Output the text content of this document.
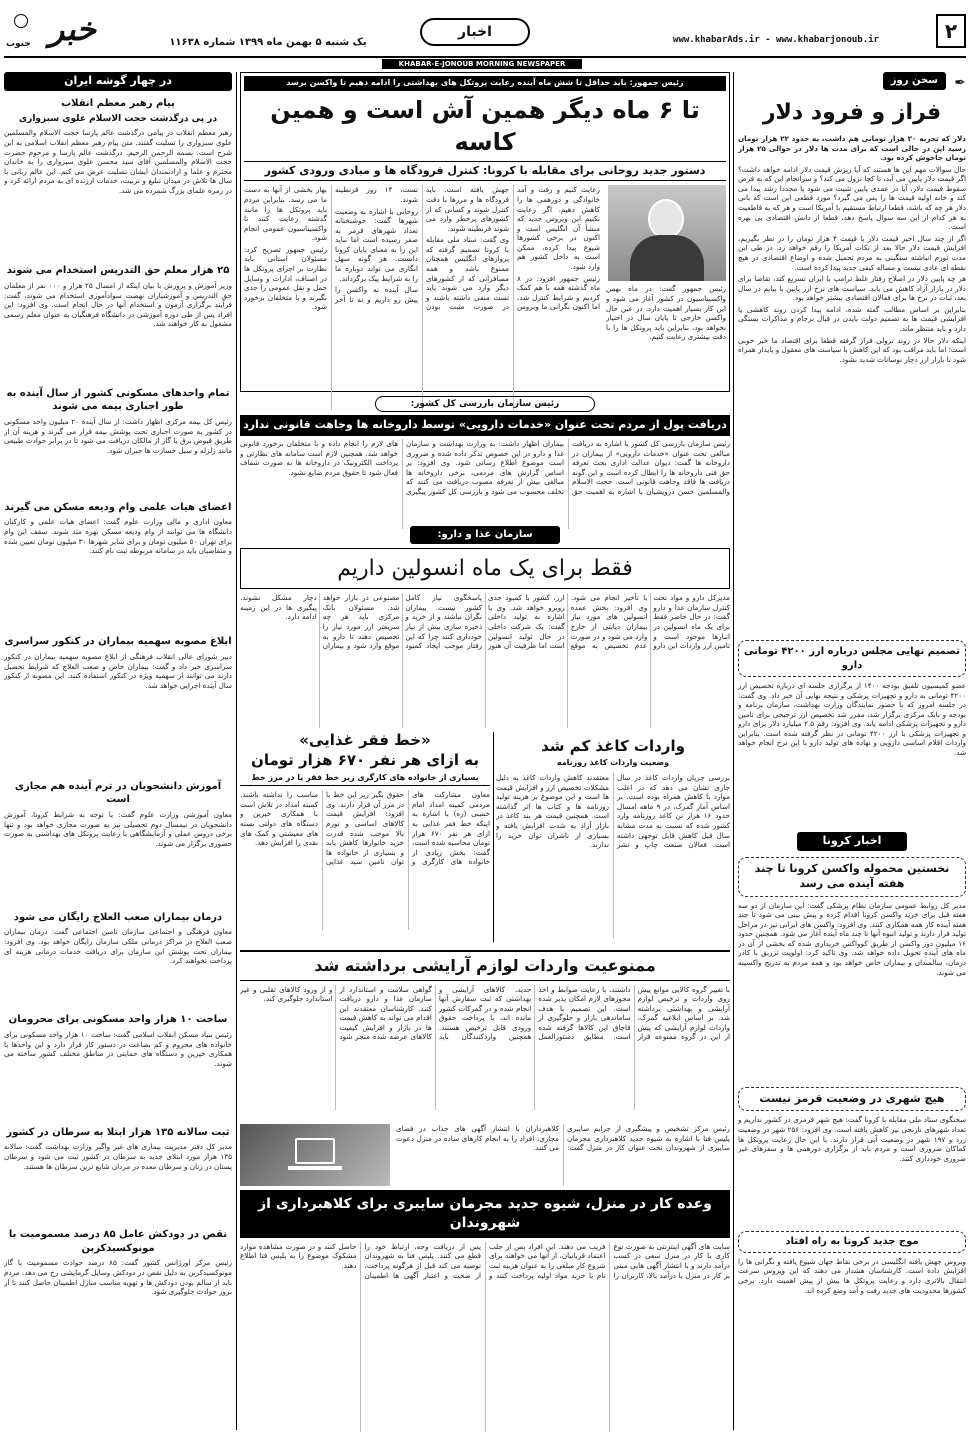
۲
www.khabarAds.ir - www.khabarjonoub.ir
اخبار
یک شنبه ۵ بهمن ماه ۱۳۹۹ شماره ۱۱۶۳۸
خبر
جنوب
KHABAR-E-JONOUB MORNING NEWSPAPER
✒
سخن روز
فراز و فرود دلار

دلار که تجربه ۳۰ هزار تومانی هم داشت، به حدود ۲۲ هزار تومان رسید این در حالی است که برای مدت ها دلار در حوالی ۲۵ هزار تومان جاخوش کرده بود.

حال سوالات مهم این ها هستند که آیا ریزش قیمت دلار ادامه خواهد داشت؟ اگر قیمت دلار پایین می آید، تا کجا نزول می کند؟ و سرانجام این که به فرض سقوط قیمت دلار، آیا در عمدی پایین تثبیت می شود یا مجددا رشد پیدا می کند و خانه اولیه قیمت ها را پس می گیرد؟ مورد قطعی این است که بانی دلار هر چه که باشد، قطعا ارتباط مستقیم با آمریکا است و هر که به قاطعیت به هر کدام از این سه سوال پاسخ دهد، قطعا از دانش اقتصادی بی بهره است.

اگر از چند سال اخیر قیمت دلار با قیمت ۴ هزار تومان را در نظر بگیریم، افزایش قیمت دلار حالا بعد از نکات آمریکا را رقم خواهد زد. در طی این مدت تورم انباشته سنگینی به مردم تحمیل شده و اوضاع اقتصادی در هیچ نقطه ای عادی نیست و مساله کیفی جدید پیدا کرده است.

هر چه پایین دلار در اصلاح رفتار غلط ترامپ با ایران تسریع کند، تقاضا برای دلار در بازار آزاد کاهش می یابد. سیاست های نرخ ارز پایین با بیایم در سال بعد، ثبات در نرخ ها برای فعالان اقتصادی بیشتر خواهد بود.

بنابراین بر اساس مطالب گفته شده، ادامه پیدا کردن روند کاهشی یا افزایشی قیمت ها به تصمیم دولت بایدن در قبال برجام و مذاکرات بستگی دارد و باید منتظر ماند.

اینکه دلار حالا در روند نزولی قرار گرفته قطعا برای اقتصاد ما خبر خوبی است؛ اما باید مراقب بود که این کاهش با سیاست های معقول و پایدار همراه شود تا بازار ارز دچار نوسانات شدید نشود.

تصمیم نهایی مجلس درباره ارز ۴۲۰۰ تومانی دارو
عضو کمیسیون تلفیق بودجه ۱۴۰۰ از برگزاری جلسه ای درباره تخصیص ارز ۴۲۰۰ تومانی به دارو و تجهیزات پزشکی و نتیجه نهایی آن خبر داد. وی گفت: در جلسه امروز که با حضور نمایندگان وزارت بهداشت، سازمان برنامه و بودجه و بانک مرکزی برگزار شد، مقرر شد تخصیص ارز ترجیحی برای تامین دارو و تجهیزات پزشکی ادامه یابد. وی افزود: رقم ۲.۵ میلیارد دلار برای دارو و تجهیزات پزشکی با ارز ۴۲۰۰ تومانی در نظر گرفته شده است. بنابراین واردات اقلام اساسی دارویی و نهاده های تولید دارو با این نرخ انجام خواهد شد.
اخبار کرونا
نخستین محموله واکسن کرونا تا چند هفته آینده می رسد
مدیر کل روابط عمومی سازمان نظام پزشکی گفت: این سازمان از دو سه هفته قبل برای خرید واکسن کرونا اقدام کرده و پیش بینی می شود تا چند هفته آینده کار همه همکاری کنند. وی افزود: واکسن های ایرانی نیز در مراحل تولید قرار دارند و تولید انبوه آنها تا چند ماه آینده آغاز می شود. همچنین حدود ۱۶ میلیون دوز واکسن از طریق کوواکس خریداری شده که بخشی از آن در ماه های آینده تحویل داده خواهد شد. وی تاکید کرد: اولویت تزریق با کادر درمان، سالمندان و بیماران خاص خواهد بود و همه مردم به تدریج واکسینه می شوند.
هیچ شهری در وضعیت قرمز نیست
سخنگوی ستاد ملی مقابله با کرونا گفت: هیچ شهر قرمزی در کشور نداریم و تعداد شهرهای نارنجی نیز کاهش یافته است. وی افزود: ۲۵۶ شهر در وضعیت زرد و ۱۹۷ شهر در وضعیت آبی قرار دارند. با این حال رعایت پروتکل ها کماکان ضروری است و مردم باید از برگزاری دورهمی ها و سفرهای غیر ضروری خودداری کنند.
موج جدید کرونا به راه افتاد
ویروس جهش یافته انگلیسی در برخی نقاط جهان شیوع یافته و نگرانی ها را افزایش داده است. کارشناسان هشدار می دهند که این ویروس سرعت انتقال بالاتری دارد و رعایت پروتکل ها بیش از پیش اهمیت دارد. برخی کشورها محدودیت های جدید رفت و آمد وضع کرده اند.
رئیس جمهور: باید حداقل تا شش ماه آینده رعایت پروتکل های بهداشتی را ادامه دهیم تا واکسن برسد
تا ۶ ماه دیگر همین آش است و همین کاسه
دستور جدید روحانی برای مقابله با کرونا: کنترل فرودگاه ها و مبادی ورودی کشور
رئیس جمهور گفت: در ماه بهمن واکسیناسیون در کشور آغاز می شود و این کار بسیار اهمیت دارد. در عین حال واکسن خارجی تا پایان سال در اختیار نخواهد بود، بنابراین باید پروتکل ها را با دقت بیشتری رعایت کنیم.

رعایت کنیم و رفت و آمد خانوادگی و دورهمی ها را کاهش دهیم. اگر رعایت نکنیم این ویروس جدید که منشأ آن انگلیس است و اکنون در برخی کشورها شیوع پیدا کرده، ممکن است به داخل کشور هم وارد شود.

رئیس جمهور افزود: در ۸ ماه گذشته همه با هم کمک کردیم و شرایط کنترل شد، اما اکنون نگرانی ما ویروس جهش یافته است. باید فرودگاه ها و مرزها با دقت کنترل شوند و کسانی که از کشورهای پرخطر وارد می شوند قرنطینه شوند.

وی گفت: ستاد ملی مقابله با کرونا تصمیم گرفته که پروازهای انگلیس همچنان ممنوع باشد و همه مسافرانی که از کشورهای دیگر وارد می شوند باید تست منفی داشته باشند و در صورت مثبت بودن تست، ۱۴ روز قرنطینه شوند.

روحانی با اشاره به وضعیت شهرها گفت: خوشبختانه تعداد شهرهای قرمز به صفر رسیده است اما نباید این را به معنای پایان کرونا دانست. هر گونه سهل انگاری می تواند دوباره ما را به شرایط پیک برگرداند.

سال آینده نه واکسن را پیش رو داریم و نه تا آخر بهار بخشی از آنها به دست ما می رسد. بنابراین مردم باید پروتکل ها را مانند گذشته رعایت کنند تا واکسیناسیون عمومی انجام شود.

رئیس جمهور تصریح کرد: مسئولان استانی باید نظارت بر اجرای پروتکل ها در اصناف، ادارات و وسایل حمل و نقل عمومی را جدی بگیرند و با متخلفان برخورد شود.

رئیس سازمان بازرسی کل کشور:
دریافت پول از مردم تحت عنوان «خدمات دارویی» توسط داروخانه ها وجاهت قانونی ندارد
رئیس سازمان بازرسی کل کشور با اشاره به دریافت مبالغی تحت عنوان «خدمات دارویی» از بیماران در داروخانه ها گفت: دیوان عدالت اداری بحث تعرفه حق فنی داروخانه ها را ابطال کرده است و این گونه دریافت ها فاقد وجاهت قانونی است. حجت الاسلام والمسلمین حسن درویشیان با اشاره به اهمیت حق بیماران اظهار داشت: به وزارت بهداشت و سازمان غذا و دارو در این خصوص تذکر داده شده و ضروری است موضوع اطلاع رسانی شود. وی افزود: بر اساس گزارش های مردمی، برخی داروخانه ها مبالغی بیش از تعرفه مصوب دریافت می کنند که تخلف محسوب می شود و بازرسی کل کشور پیگیری های لازم را انجام داده و با متخلفان برخورد قانونی خواهد شد. همچنین لازم است سامانه های نظارتی و پرداخت الکترونیک در داروخانه ها به صورت شفاف فعال شود تا حقوق مردم ضایع نشود.
سازمان غذا و دارو:
فقط برای یک ماه انسولین داریم
مدیرکل دارو و مواد تحت کنترل سازمان غذا و دارو گفت: در حال حاضر فقط برای یک ماه انسولین در انبارها موجود است و تامین ارز واردات این دارو با تأخیر انجام می شود. وی افزود: بخش عمده انسولین های مورد نیاز بیماران دیابتی از خارج وارد می شود و در صورت عدم تخصیص به موقع ارز، کشور با کمبود جدی روبرو خواهد شد. وی با اشاره به تولید داخلی گفت: یک شرکت داخلی در حال تولید انسولین است اما ظرفیت آن هنوز پاسخگوی نیاز کامل کشور نیست. بیماران نگران نباشند و از خرید و ذخیره سازی بیش از نیاز خودداری کنند چرا که این رفتار موجب ایجاد کمبود مصنوعی در بازار خواهد شد. مسئولان بانک مرکزی باید هر چه سریعتر ارز مورد نیاز را تخصیص دهند تا دارو به موقع وارد شود و بیماران دچار مشکل نشوند. پیگیری ها در این زمینه ادامه دارد.
«خط فقر غذایی»
به ازای هر نفر ۶۷۰ هزار تومان
بسیاری از خانواده های کارگری زیر خط فقر یا در مرز خط
معاون مشارکت های مردمی کمیته امداد امام خمینی (ره) با اشاره به اینکه خط فقر غذایی به ازای هر نفر ۶۷۰ هزار تومان محاسبه شده است، گفت: بخش زیادی از خانواده های کارگری و حقوق بگیر زیر این خط یا در مرز آن قرار دارند. وی افزود: افزایش قیمت کالاهای اساسی و تورم بالا موجب شده قدرت خرید خانوارها کاهش یابد و بسیاری از خانواده ها توان تامین سبد غذایی مناسب را نداشته باشند. کمیته امداد در تلاش است با همکاری خیرین و دستگاه های دولتی بسته های معیشتی و کمک های نقدی را افزایش دهد.
واردات کاغذ کم شد
وضعیت واردات کاغذ روزنامه
بررسی جریان واردات کاغذ در سال جاری نشان می دهد که در اغلب موارد با کاهش همراه بوده است. بر اساس آمار گمرک، در ۹ ماهه امسال حدود ۱۶ هزار تن کاغذ روزنامه وارد کشور شده که نسبت به مدت مشابه سال قبل کاهش قابل توجهی داشته است. فعالان صنعت چاپ و نشر معتقدند کاهش واردات کاغذ به دلیل مشکلات تخصیص ارز و افزایش قیمت ها است و این موضوع بر هزینه تولید روزنامه ها و کتاب ها اثر گذاشته است. همچنین قیمت هر بند کاغذ در بازار آزاد به شدت افزایش یافته و بسیاری از ناشران توان خرید را ندارند.
ممنوعیت واردات لوازم آرایشی برداشته شد
با تغییر گروه کالایی موانع پیش روی واردات و ترخیص لوازم آرایشی و بهداشتی برداشته شد. بر اساس ابلاغیه گمرک، واردات لوازم آرایشی که پیش از این در گروه ممنوعه قرار داشتند، با رعایت ضوابط و اخذ مجوزهای لازم امکان پذیر شده است. این تصمیم با هدف ساماندهی بازار و جلوگیری از قاچاق این کالاها گرفته شده است. مطابق دستورالعمل جدید، کالاهای آرایشی و بهداشتی که ثبت سفارش آنها انجام شده و در گمرکات کشور مانده اند، با پرداخت حقوق ورودی قابل ترخیص هستند. همچنین واردکنندگان باید گواهی سلامت و استاندارد از سازمان غذا و دارو دریافت کنند. کارشناسان معتقدند این اقدام می تواند به کاهش قیمت ها در بازار و افزایش کیفیت کالاهای عرضه شده منجر شود و از ورود کالاهای تقلبی و غیر استاندارد جلوگیری کند.
رئیس مرکز تشخیص و پیشگیری از جرایم سایبری پلیس فتا با اشاره به شیوه جدید کلاهبرداری مجرمان سایبری از شهروندان تحت عنوان کار در منزل گفت: کلاهبرداران با انتشار آگهی های جذاب در فضای مجازی، افراد را به انجام کارهای ساده در منزل دعوت می کنند.
وعده کار در منزل، شیوه جدید مجرمان سایبری برای کلاهبرداری از شهروندان
سایت های آگهی اینترنتی به صورت نوع کاری با کار در منزل سعی در کسب درآمد دارند و با انتشار آگهی هایی مبنی بر کار در منزل با درآمد بالا، کاربران را فریب می دهند. این افراد پس از جلب اعتماد قربانیان، از آنها می خواهند برای شروع کار مبلغی را به عنوان هزینه ثبت نام یا خرید مواد اولیه پرداخت کنند و پس از دریافت وجه، ارتباط خود را قطع می کنند. پلیس فتا به شهروندان توصیه می کند قبل از هرگونه پرداخت، از صحت و اعتبار آگهی ها اطمینان حاصل کنند و در صورت مشاهده موارد مشکوک موضوع را به پلیس فتا اطلاع دهند.
در چهار گوشه ایران
پیام رهبر معظم انقلاب
در پی درگذشت حجت الاسلام علوی سبزواری
رهبر معظم انقلاب در پیامی درگذشت عالم پارسا حجت الاسلام والمسلمین علوی سبزواری را تسلیت گفتند. متن پیام رهبر معظم انقلاب اسلامی به این شرح است: بسمه الرحمن الرحیم. درگذشت عالم پارسا و مرحوم حضرت حجت الاسلام والمسلمین آقای سید محسن علوی سبزواری را به خاندان محترم و علما و ارادتمندان ایشان تسلیت عرض می کنم. این عالم ربانی با سال ها تلاش در میدان تبلیغ و تربیت، خدمات ارزنده ای به مردم ارائه کرد و در زمره علمای بزرگ شمرده می شد.
۲۵ هزار معلم حق التدریس استخدام می شوند
وزیر آموزش و پرورش با بیان اینکه از امسال ۲۵ هزار و ۰۰۰ نفر از معلمان حق التدریس و آموزشیاران نهضت سوادآموزی استخدام می شوند، گفت: فرآیند برگزاری آزمون و استخدام آنها در حال انجام است. وی افزود: این افراد پس از طی دوره آموزشی در دانشگاه فرهنگیان به عنوان معلم رسمی مشغول به کار خواهند شد.
تمام واحدهای مسکونی کشور از سال آینده به طور اجباری بیمه می شوند
رئیس کل بیمه مرکزی اظهار داشت: از سال آینده ۲۰ میلیون واحد مسکونی در کشور به صورت اجباری تحت پوشش بیمه قرار می گیرند و هزینه آن از طریق قبوض برق یا گاز از مالکان دریافت می شود تا در برابر حوادث طبیعی مانند زلزله و سیل خسارت ها جبران شود.
اعضای هیات علمی وام ودیعه مسکن می گیرند
معاون اداری و مالی وزارت علوم گفت: اعضای هیات علمی و کارکنان دانشگاه ها می توانند از وام ودیعه مسکن بهره مند شوند. سقف این وام برای تهران ۵۰ میلیون تومان و برای سایر شهرها ۳۰ میلیون تومان تعیین شده و متقاضیان باید در سامانه مربوطه ثبت نام کنند.
ابلاغ مصوبه سهمیه بیماران در کنکور سراسری
دبیر شورای عالی انقلاب فرهنگی از ابلاغ مصوبه سهمیه بیماران در کنکور سراسری خبر داد و گفت: بیماران خاص و صعب العلاج که شرایط تحصیل دارند می توانند از سهمیه ویژه در کنکور استفاده کنند. این مصوبه از کنکور سال آینده اجرایی خواهد شد.
آموزش دانشجویان در ترم آینده هم مجازی است
معاون آموزشی وزارت علوم گفت: با توجه به شرایط کرونا، آموزش دانشجویان در نیمسال دوم تحصیلی نیز به صورت مجازی خواهد بود و تنها برخی دروس عملی و آزمایشگاهی با رعایت پروتکل های بهداشتی به صورت حضوری برگزار می شوند.
درمان بیماران صعب العلاج رایگان می شود
معاون فرهنگی و اجتماعی سازمان تامین اجتماعی گفت: درمان بیماران صعب العلاج در مراکز درمانی ملکی سازمان رایگان خواهد بود. وی افزود: بیماران تحت پوشش این سازمان برای دریافت خدمات درمانی هزینه ای پرداخت نخواهند کرد.
ساخت ۱۰ هزار واحد مسکونی برای محرومان
رئیس بنیاد مسکن انقلاب اسلامی گفت: ساخت ۱۰ هزار واحد مسکونی برای خانواده های محروم و کم بضاعت در دستور کار قرار دارد و این واحدها با همکاری خیرین و دستگاه های حمایتی در مناطق مختلف کشور ساخته می شوند.
ثبت سالانه ۱۳۵ هزار ابتلا به سرطان در کشور
مدیر کل دفتر مدیریت بیماری های غیر واگیر وزارت بهداشت گفت: سالانه ۱۳۵ هزار مورد ابتلای جدید به سرطان در کشور ثبت می شود و سرطان پستان در زنان و سرطان معده در مردان شایع ترین سرطان ها هستند.
نقص در دودکش عامل ۸۵ درصد مسمومیت با مونوکسیدکربن
رئیس مرکز اورژانس کشور گفت: ۸۵ درصد حوادث مسمومیت با گاز مونوکسیدکربن به دلیل نقص در دودکش وسایل گرمایشی رخ می دهد. مردم باید از سالم بودن دودکش ها و تهویه مناسب منازل اطمینان حاصل کنند تا از بروز حوادث جلوگیری شود.
